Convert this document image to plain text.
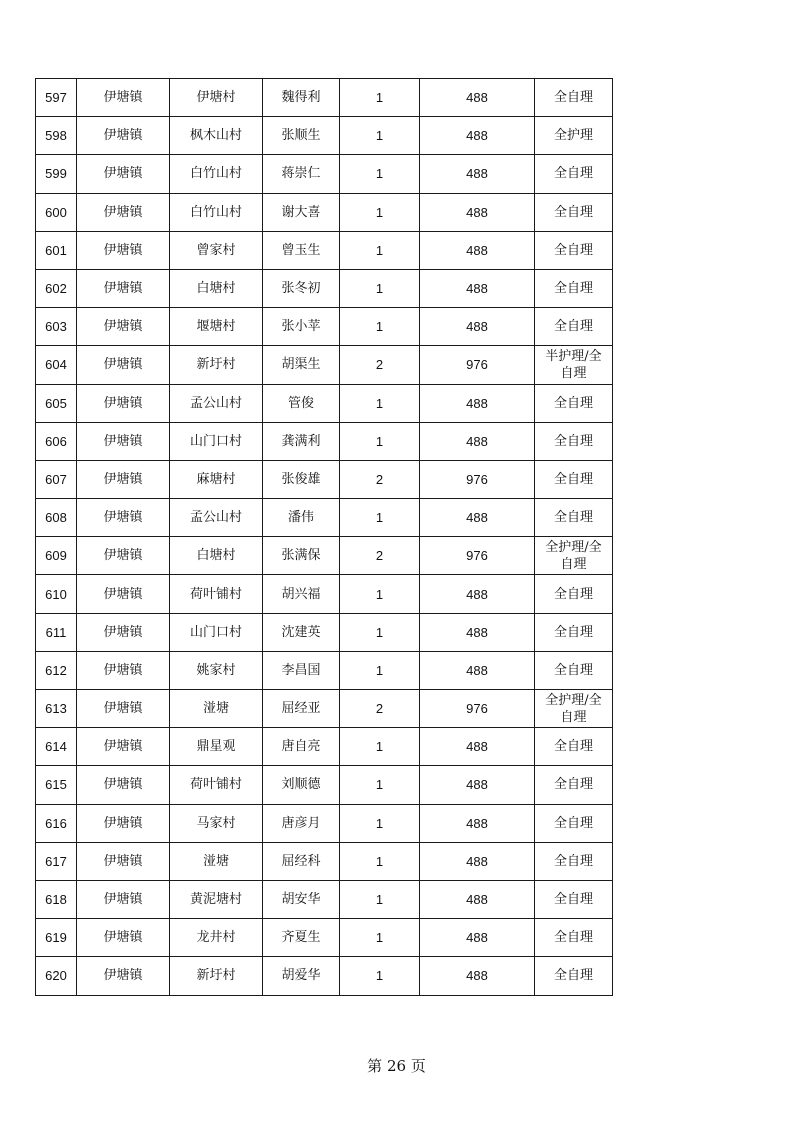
597	伊塘镇	伊塘村	魏得利	1	488	全自理
598	伊塘镇	枫木山村	张顺生	1	488	全护理
599	伊塘镇	白竹山村	蒋崇仁	1	488	全自理
600	伊塘镇	白竹山村	谢大喜	1	488	全自理
601	伊塘镇	曾家村	曾玉生	1	488	全自理
602	伊塘镇	白塘村	张冬初	1	488	全自理
603	伊塘镇	堰塘村	张小苹	1	488	全自理
604	伊塘镇	新圩村	胡渠生	2	976	半护理/全自理
605	伊塘镇	孟公山村	管俊	1	488	全自理
606	伊塘镇	山门口村	龚满利	1	488	全自理
607	伊塘镇	麻塘村	张俊雄	2	976	全自理
608	伊塘镇	孟公山村	潘伟	1	488	全自理
609	伊塘镇	白塘村	张满保	2	976	全护理/全自理
610	伊塘镇	荷叶铺村	胡兴福	1	488	全自理
611	伊塘镇	山门口村	沈建英	1	488	全自理
612	伊塘镇	姚家村	李昌国	1	488	全自理
613	伊塘镇	湴塘	屈经亚	2	976	全护理/全自理
614	伊塘镇	鼎星观	唐自亮	1	488	全自理
615	伊塘镇	荷叶铺村	刘顺德	1	488	全自理
616	伊塘镇	马家村	唐彦月	1	488	全自理
617	伊塘镇	湴塘	屈经科	1	488	全自理
618	伊塘镇	黄泥塘村	胡安华	1	488	全自理
619	伊塘镇	龙井村	齐夏生	1	488	全自理
620	伊塘镇	新圩村	胡爱华	1	488	全自理
第 26 页
